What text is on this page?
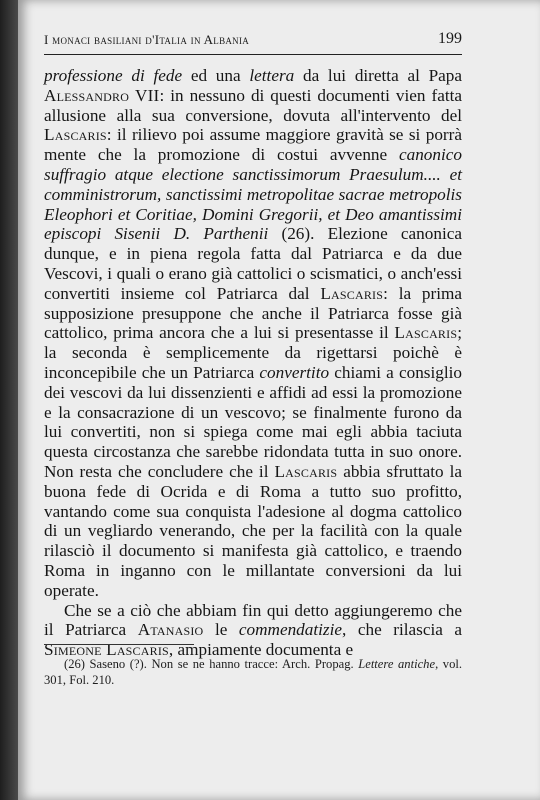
I monaci basiliani d'Italia in Albania	199

professione di fede ed una lettera da lui diretta al Papa Alessandro VII: in nessuno di questi documenti vien fatta allusione alla sua conversione, dovuta all'intervento del Lascaris: il rilievo poi assume maggiore gravità se si porrà mente che la promozione di costui avvenne canonico suffragio atque electione sanctissimorum Praesulum.... et comministrorum, sanctissimi metropolitae sacrae metropolis Eleophori et Coritiae, Domini Gregorii, et Deo amantissimi episcopi Sisenii D. Parthenii (26). Elezione canonica dunque, e in piena regola fatta dal Patriarca e da due Vescovi, i quali o erano già cattolici o scismatici, o anch'essi convertiti insieme col Patriarca dal Lascaris: la prima supposizione presuppone che anche il Patriarca fosse già cattolico, prima ancora che a lui si presentasse il Lascaris; la seconda è semplicemente da rigettarsi poichè è inconcepibile che un Patriarca convertito chiami a consiglio dei vescovi da lui dissenzienti e affidi ad essi la promozione e la consacrazione di un vescovo; se finalmente furono da lui convertiti, non si spiega come mai egli abbia taciuta questa circostanza che sarebbe ridondata tutta in suo onore. Non resta che concludere che il Lascaris abbia sfruttato la buona fede di Ocrida e di Roma a tutto suo profitto, vantando come sua conquista l'adesione al dogma cattolico di un vegliardo venerando, che per la facilità con la quale rilasciò il documento si manifesta già cattolico, e traendo Roma in inganno con le millantate conversioni da lui operate.

Che se a ciò che abbiam fin qui detto aggiungeremo che il Patriarca Atanasio le commendatizie, che rilascia a Simeone Lascaris, ampiamente documenta e

(26) Saseno (?). Non se ne hanno tracce: Arch. Propag. Lettere antiche, vol. 301, Fol. 210.
